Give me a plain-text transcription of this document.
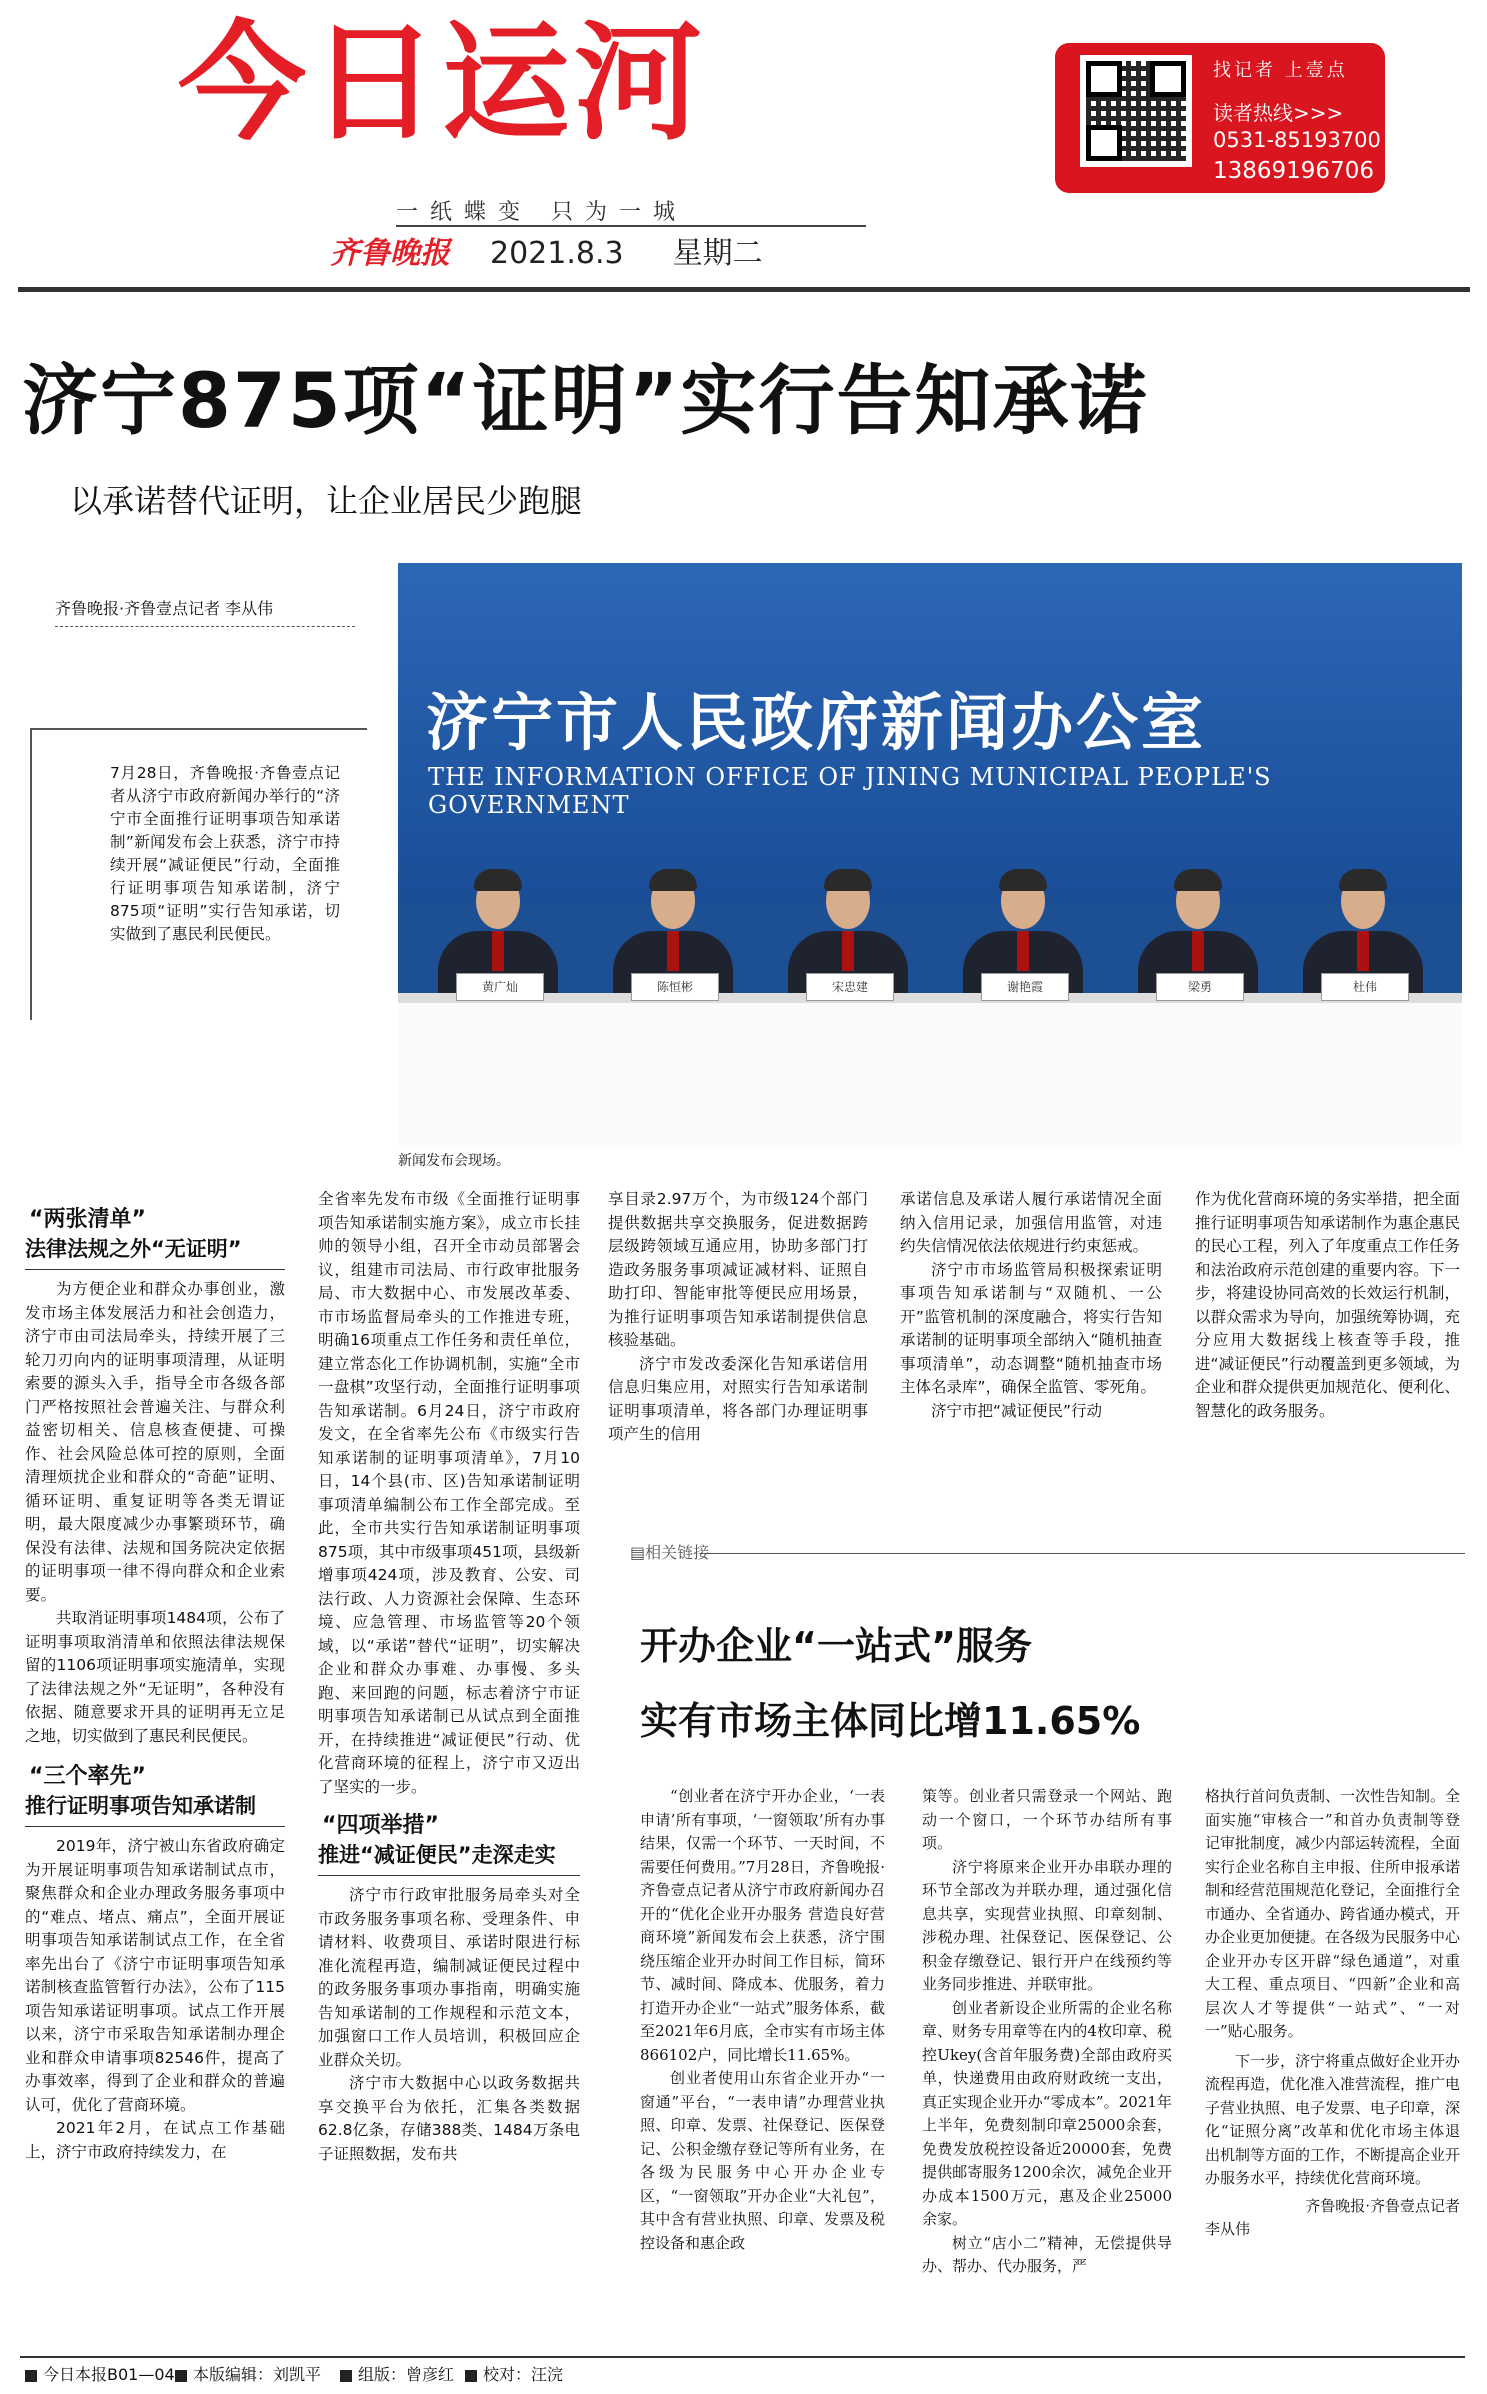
今日运河
一纸蝶变 只为一城
齐鲁晚报 2021.8.3 星期二
找记者 上壹点
读者热线>>>
0531-85193700
13869196706
济宁875项“证明”实行告知承诺
以承诺替代证明，让企业居民少跑腿
齐鲁晚报·齐鲁壹点记者 李从伟
7月28日，齐鲁晚报·齐鲁壹点记者从济宁市政府新闻办举行的“济宁市全面推行证明事项告知承诺制”新闻发布会上获悉，济宁市持续开展“减证便民”行动，全面推行证明事项告知承诺制，济宁875项“证明”实行告知承诺，切实做到了惠民利民便民。
济宁市人民政府新闻办公室
THE INFORMATION OFFICE OF JINING MUNICIPAL PEOPLE'S GOVERNMENT
黄广灿	陈恒彬	宋忠建	谢艳霞	梁勇	杜伟
新闻发布会现场。
“两张清单”
法律法规之外“无证明”
为方便企业和群众办事创业，激发市场主体发展活力和社会创造力，济宁市由司法局牵头，持续开展了三轮刀刃向内的证明事项清理，从证明索要的源头入手，指导全市各级各部门严格按照社会普遍关注、与群众利益密切相关、信息核查便捷、可操作、社会风险总体可控的原则，全面清理烦扰企业和群众的“奇葩”证明、循环证明、重复证明等各类无谓证明，最大限度减少办事繁琐环节，确保没有法律、法规和国务院决定依据的证明事项一律不得向群众和企业索要。
共取消证明事项1484项，公布了证明事项取消清单和依照法律法规保留的1106项证明事项实施清单，实现了法律法规之外“无证明”，各种没有依据、随意要求开具的证明再无立足之地，切实做到了惠民利民便民。
“三个率先”
推行证明事项告知承诺制
2019年，济宁被山东省政府确定为开展证明事项告知承诺制试点市，聚焦群众和企业办理政务服务事项中的“难点、堵点、痛点”，全面开展证明事项告知承诺制试点工作，在全省率先出台了《济宁市证明事项告知承诺制核查监管暂行办法》，公布了115项告知承诺证明事项。试点工作开展以来，济宁市采取告知承诺制办理企业和群众申请事项82546件，提高了办事效率，得到了企业和群众的普遍认可，优化了营商环境。
2021年2月，在试点工作基础上，济宁市政府持续发力，在
全省率先发布市级《全面推行证明事项告知承诺制实施方案》，成立市长挂帅的领导小组，召开全市动员部署会议，组建市司法局、市行政审批服务局、市大数据中心、市发展改革委、市市场监督局牵头的工作推进专班，明确16项重点工作任务和责任单位，建立常态化工作协调机制，实施“全市一盘棋”攻坚行动，全面推行证明事项告知承诺制。6月24日，济宁市政府发文，在全省率先公布《市级实行告知承诺制的证明事项清单》，7月10日，14个县(市、区)告知承诺制证明事项清单编制公布工作全部完成。至此，全市共实行告知承诺制证明事项875项，其中市级事项451项，县级新增事项424项，涉及教育、公安、司法行政、人力资源社会保障、生态环境、应急管理、市场监管等20个领域，以“承诺”替代“证明”，切实解决企业和群众办事难、办事慢、多头跑、来回跑的问题，标志着济宁市证明事项告知承诺制已从试点到全面推开，在持续推进“减证便民”行动、优化营商环境的征程上，济宁市又迈出了坚实的一步。
“四项举措”
推进“减证便民”走深走实
济宁市行政审批服务局牵头对全市政务服务事项名称、受理条件、申请材料、收费项目、承诺时限进行标准化流程再造，编制减证便民过程中的政务服务事项办事指南，明确实施告知承诺制的工作规程和示范文本，加强窗口工作人员培训，积极回应企业群众关切。
济宁市大数据中心以政务数据共享交换平台为依托，汇集各类数据62.8亿条，存储388类、1484万条电子证照数据，发布共
享目录2.97万个，为市级124个部门提供数据共享交换服务，促进数据跨层级跨领域互通应用，协助多部门打造政务服务事项减证减材料、证照自助打印、智能审批等便民应用场景，为推行证明事项告知承诺制提供信息核验基础。
济宁市发改委深化告知承诺信用信息归集应用，对照实行告知承诺制证明事项清单，将各部门办理证明事项产生的信用
承诺信息及承诺人履行承诺情况全面纳入信用记录，加强信用监管，对违约失信情况依法依规进行约束惩戒。
济宁市市场监管局积极探索证明事项告知承诺制与“双随机、一公开”监管机制的深度融合，将实行告知承诺制的证明事项全部纳入“随机抽查事项清单”，动态调整“随机抽查市场主体名录库”，确保全监管、零死角。
济宁市把“减证便民”行动
作为优化营商环境的务实举措，把全面推行证明事项告知承诺制作为惠企惠民的民心工程，列入了年度重点工作任务和法治政府示范创建的重要内容。下一步，将建设协同高效的长效运行机制，以群众需求为导向，加强统筹协调，充分应用大数据线上核查等手段，推进“减证便民”行动覆盖到更多领域，为企业和群众提供更加规范化、便利化、智慧化的政务服务。
▤相关链接
开办企业“一站式”服务
实有市场主体同比增11.65%
“创业者在济宁开办企业，‘一表申请’所有事项，‘一窗领取’所有办事结果，仅需一个环节、一天时间，不需要任何费用。”7月28日，齐鲁晚报·齐鲁壹点记者从济宁市政府新闻办召开的“优化企业开办服务 营造良好营商环境”新闻发布会上获悉，济宁围绕压缩企业开办时间工作目标，简环节、减时间、降成本、优服务，着力打造开办企业“一站式”服务体系，截至2021年6月底，全市实有市场主体866102户，同比增长11.65%。
创业者使用山东省企业开办“一窗通”平台，“一表申请”办理营业执照、印章、发票、社保登记、医保登记、公积金缴存登记等所有业务，在各级为民服务中心开办企业专区，“一窗领取”开办企业“大礼包”，其中含有营业执照、印章、发票及税控设备和惠企政
策等。创业者只需登录一个网站、跑动一个窗口，一个环节办结所有事项。
济宁将原来企业开办串联办理的环节全部改为并联办理，通过强化信息共享，实现营业执照、印章刻制、涉税办理、社保登记、医保登记、公积金存缴登记、银行开户在线预约等业务同步推进、并联审批。
创业者新设企业所需的企业名称章、财务专用章等在内的4枚印章、税控Ukey(含首年服务费)全部由政府买单，快递费用由政府财政统一支出，真正实现企业开办“零成本”。2021年上半年，免费刻制印章25000余套，免费发放税控设备近20000套，免费提供邮寄服务1200余次，减免企业开办成本1500万元，惠及企业25000余家。
树立“店小二”精神，无偿提供导办、帮办、代办服务，严
格执行首问负责制、一次性告知制。全面实施“审核合一”和首办负责制等登记审批制度，减少内部运转流程，全面实行企业名称自主申报、住所申报承诺制和经营范围规范化登记，全面推行全市通办、全省通办、跨省通办模式，开办企业更加便捷。在各级为民服务中心企业开办专区开辟“绿色通道”，对重大工程、重点项目、“四新”企业和高层次人才等提供“一站式”、“一对一”贴心服务。
下一步，济宁将重点做好企业开办流程再造，优化准入准营流程，推广电子营业执照、电子发票、电子印章，深化“证照分离”改革和优化市场主体退出机制等方面的工作，不断提高企业开办服务水平，持续优化营商环境。
齐鲁晚报·齐鲁壹点记者
李从伟
今日本报B01—04	本版编辑：刘凯平	组版：曾彦红	校对：汪浣
